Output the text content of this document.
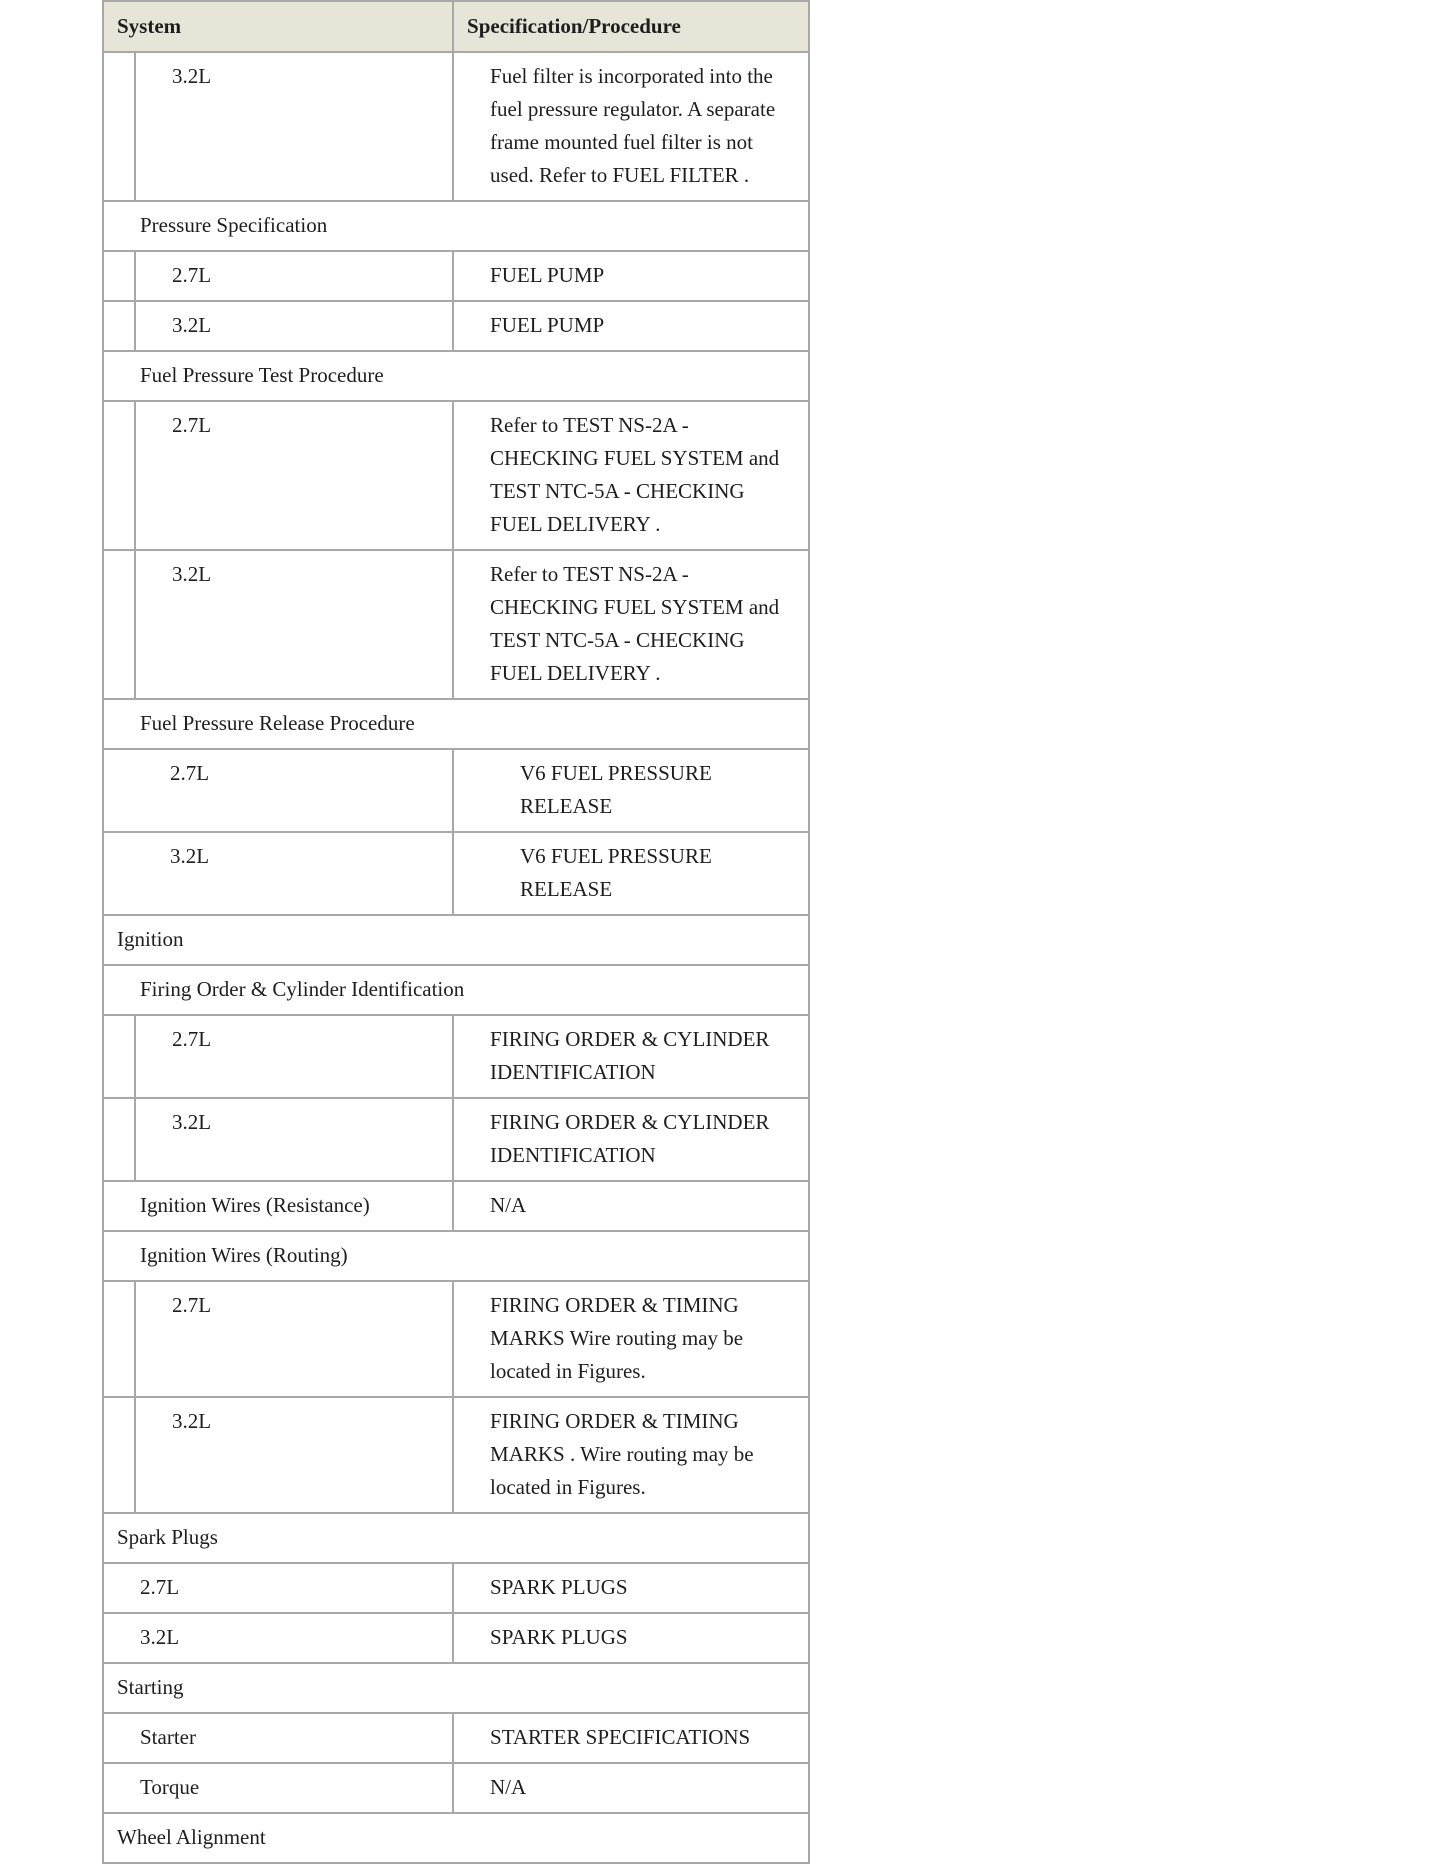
System		Specification/Procedure
	3.2L	Fuel filter is incorporated into the fuel pressure regulator. A separate frame mounted fuel filter is not used. Refer to FUEL FILTER .
Pressure Specification		
	2.7L	FUEL PUMP
	3.2L	FUEL PUMP
Fuel Pressure Test Procedure		
	2.7L	Refer to TEST NS-2A - CHECKING FUEL SYSTEM and TEST NTC-5A - CHECKING FUEL DELIVERY .
	3.2L	Refer to TEST NS-2A - CHECKING FUEL SYSTEM and TEST NTC-5A - CHECKING FUEL DELIVERY .
Fuel Pressure Release Procedure		
2.7L		V6 FUEL PRESSURE RELEASE
3.2L		V6 FUEL PRESSURE RELEASE
Ignition		
Firing Order & Cylinder Identification		
	2.7L	FIRING ORDER & CYLINDER IDENTIFICATION
	3.2L	FIRING ORDER & CYLINDER IDENTIFICATION
Ignition Wires (Resistance)		N/A
Ignition Wires (Routing)		
	2.7L	FIRING ORDER & TIMING MARKS Wire routing may be located in Figures.
	3.2L	FIRING ORDER & TIMING MARKS . Wire routing may be located in Figures.
Spark Plugs		
2.7L		SPARK PLUGS
3.2L		SPARK PLUGS
Starting		
Starter		STARTER SPECIFICATIONS
Torque		N/A
Wheel Alignment		
